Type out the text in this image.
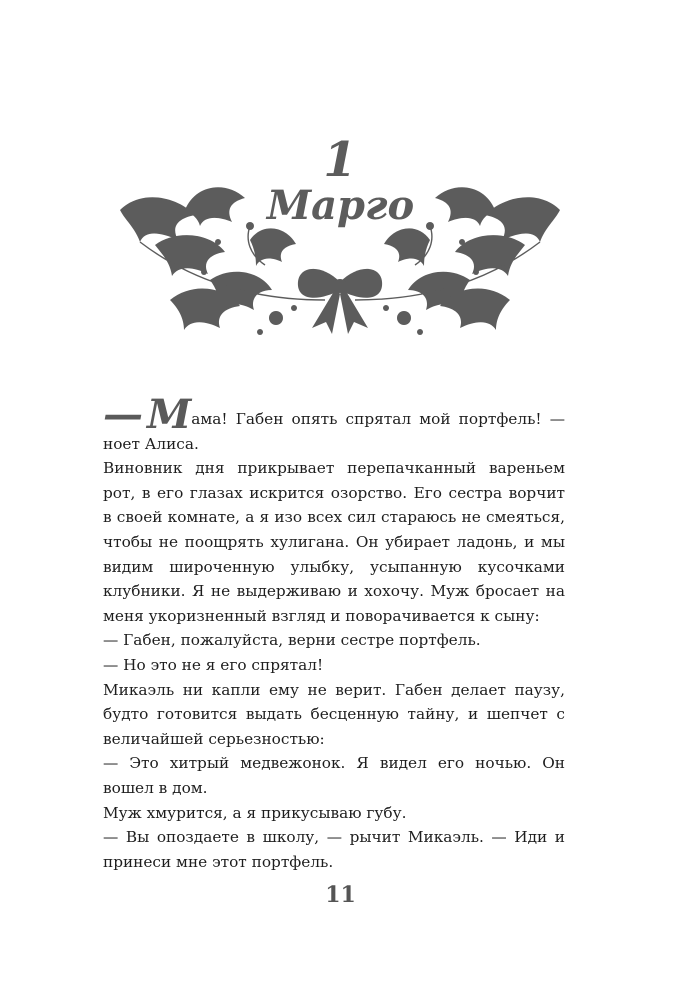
1
Марго

— Мама! Габен опять спрятал мой портфель! — ноет Алиса.

Виновник дня прикрывает перепачканный вареньем рот, в его глазах искрится озорство. Его сестра ворчит в своей комнате, а я изо всех сил стараюсь не смеяться, чтобы не поощрять хулигана. Он убирает ладонь, и мы видим широченную улыбку, усыпанную кусочками клубники. Я не выдерживаю и хохочу. Муж бросает на меня укоризненный взгляд и поворачивается к сыну:

— Габен, пожалуйста, верни сестре портфель.

— Но это не я его спрятал!

Микаэль ни капли ему не верит. Габен делает паузу, будто готовится выдать бесценную тайну, и шепчет с величайшей серьезностью:

— Это хитрый медвежонок. Я видел его ночью. Он вошел в дом.

Муж хмурится, а я прикусываю губу.

— Вы опоздаете в школу, — рычит Микаэль. — Иди и принеси мне этот портфель.

11
